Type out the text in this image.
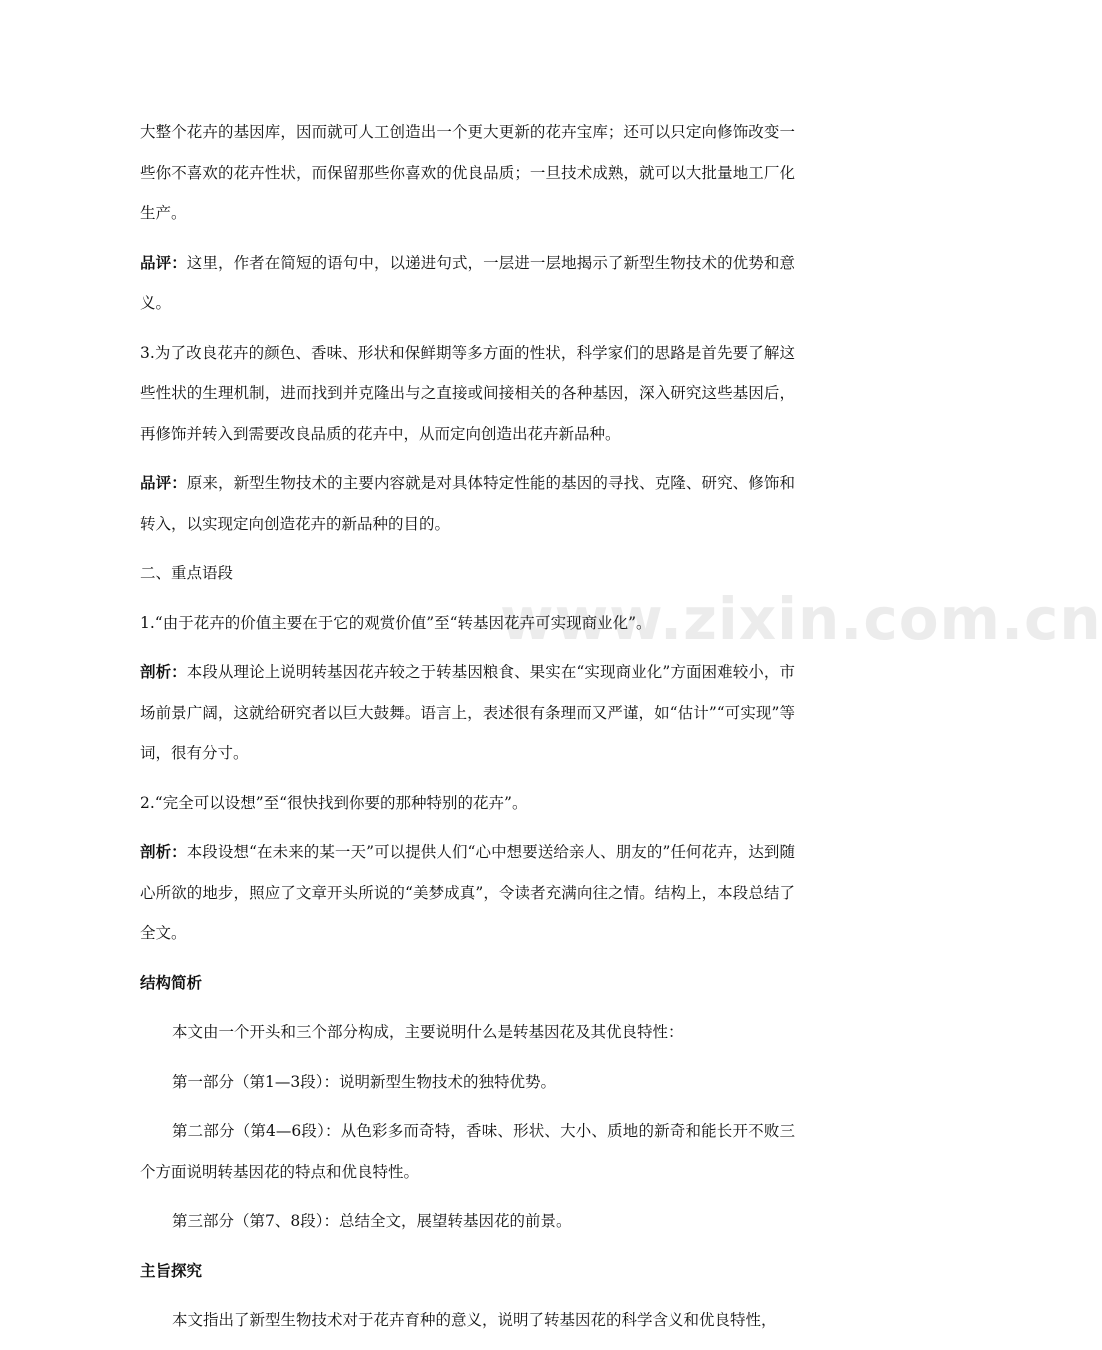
www.zixin.com.cn

大整个花卉的基因库，因而就可人工创造出一个更大更新的花卉宝库；还可以只定向修饰改变一些你不喜欢的花卉性状，而保留那些你喜欢的优良品质；一旦技术成熟，就可以大批量地工厂化生产。

品评：这里，作者在简短的语句中，以递进句式，一层进一层地揭示了新型生物技术的优势和意义。

3.为了改良花卉的颜色、香味、形状和保鲜期等多方面的性状，科学家们的思路是首先要了解这些性状的生理机制，进而找到并克隆出与之直接或间接相关的各种基因，深入研究这些基因后，再修饰并转入到需要改良品质的花卉中，从而定向创造出花卉新品种。

品评：原来，新型生物技术的主要内容就是对具体特定性能的基因的寻找、克隆、研究、修饰和转入，以实现定向创造花卉的新品种的目的。

二、重点语段

1.“由于花卉的价值主要在于它的观赏价值”至“转基因花卉可实现商业化”。

剖析：本段从理论上说明转基因花卉较之于转基因粮食、果实在“实现商业化”方面困难较小，市场前景广阔，这就给研究者以巨大鼓舞。语言上，表述很有条理而又严谨，如“估计”“可实现”等词，很有分寸。

2.“完全可以设想”至“很快找到你要的那种特别的花卉”。

剖析：本段设想“在未来的某一天”可以提供人们“心中想要送给亲人、朋友的”任何花卉，达到随心所欲的地步，照应了文章开头所说的“美梦成真”，令读者充满向往之情。结构上，本段总结了全文。

结构简析

本文由一个开头和三个部分构成，主要说明什么是转基因花及其优良特性：

第一部分（第1—3段）：说明新型生物技术的独特优势。

第二部分（第4—6段）：从色彩多而奇特，香味、形状、大小、质地的新奇和能长开不败三个方面说明转基因花的特点和优良特性。

第三部分（第7、8段）：总结全文，展望转基因花的前景。

主旨探究

本文指出了新型生物技术对于花卉育种的意义，说明了转基因花的科学含义和优良特性，
